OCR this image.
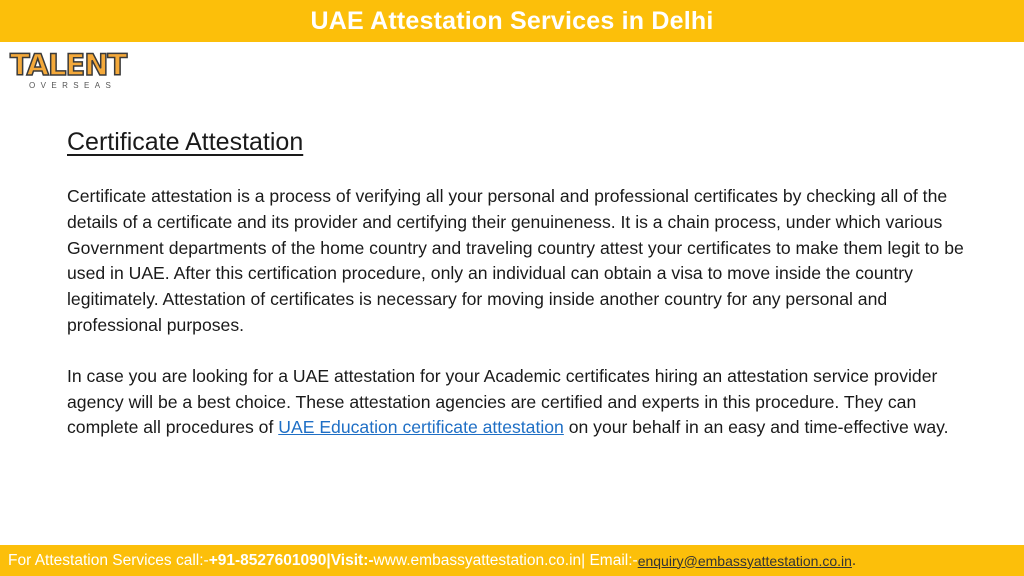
UAE Attestation Services in Delhi
TALENT
OVERSEAS
Certificate Attestation

Certificate attestation is a process of verifying all your personal and professional certificates by checking all of the details of a certificate and its provider and certifying their genuineness. It is a chain process, under which various Government departments of the home country and traveling country attest your certificates to make them legit to be used in UAE. After this certification procedure, only an individual can obtain a visa to move inside the country legitimately. Attestation of certificates is necessary for moving inside another country for any personal and professional purposes.

In case you are looking for a UAE attestation for your Academic certificates hiring an attestation service provider agency will be a best choice. These attestation agencies are certified and experts in this procedure. They can complete all procedures of UAE Education certificate attestation on your behalf in an easy and time-effective way.

For Attestation Services call:- +91-8527601090 | Visit:- www.embassyattestation.co.in | Email:- enquiry@embassyattestation.co.in .
